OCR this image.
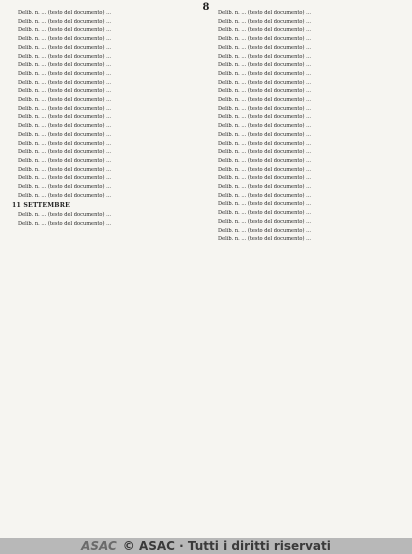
8

Delib. n. ... (testo del documento) ...

Delib. n. ... (testo del documento) ...

Delib. n. ... (testo del documento) ...

Delib. n. ... (testo del documento) ...

Delib. n. ... (testo del documento) ...

Delib. n. ... (testo del documento) ...

Delib. n. ... (testo del documento) ...

Delib. n. ... (testo del documento) ...

Delib. n. ... (testo del documento) ...

Delib. n. ... (testo del documento) ...

Delib. n. ... (testo del documento) ...

Delib. n. ... (testo del documento) ...

Delib. n. ... (testo del documento) ...

Delib. n. ... (testo del documento) ...

Delib. n. ... (testo del documento) ...

Delib. n. ... (testo del documento) ...

Delib. n. ... (testo del documento) ...

Delib. n. ... (testo del documento) ...

Delib. n. ... (testo del documento) ...

Delib. n. ... (testo del documento) ...

Delib. n. ... (testo del documento) ...

Delib. n. ... (testo del documento) ...

11 SETTEMBRE

Delib. n. ... (testo del documento) ...

Delib. n. ... (testo del documento) ...

Delib. n. ... (testo del documento) ...

Delib. n. ... (testo del documento) ...

Delib. n. ... (testo del documento) ...

Delib. n. ... (testo del documento) ...

Delib. n. ... (testo del documento) ...

Delib. n. ... (testo del documento) ...

Delib. n. ... (testo del documento) ...

Delib. n. ... (testo del documento) ...

Delib. n. ... (testo del documento) ...

Delib. n. ... (testo del documento) ...

Delib. n. ... (testo del documento) ...

Delib. n. ... (testo del documento) ...

Delib. n. ... (testo del documento) ...

Delib. n. ... (testo del documento) ...

Delib. n. ... (testo del documento) ...

Delib. n. ... (testo del documento) ...

Delib. n. ... (testo del documento) ...

Delib. n. ... (testo del documento) ...

Delib. n. ... (testo del documento) ...

Delib. n. ... (testo del documento) ...

Delib. n. ... (testo del documento) ...

Delib. n. ... (testo del documento) ...

Delib. n. ... (testo del documento) ...

Delib. n. ... (testo del documento) ...

Delib. n. ... (testo del documento) ...

Delib. n. ... (testo del documento) ...

Delib. n. ... (testo del documento) ...

ASAC © ASAC · Tutti i diritti riservati
